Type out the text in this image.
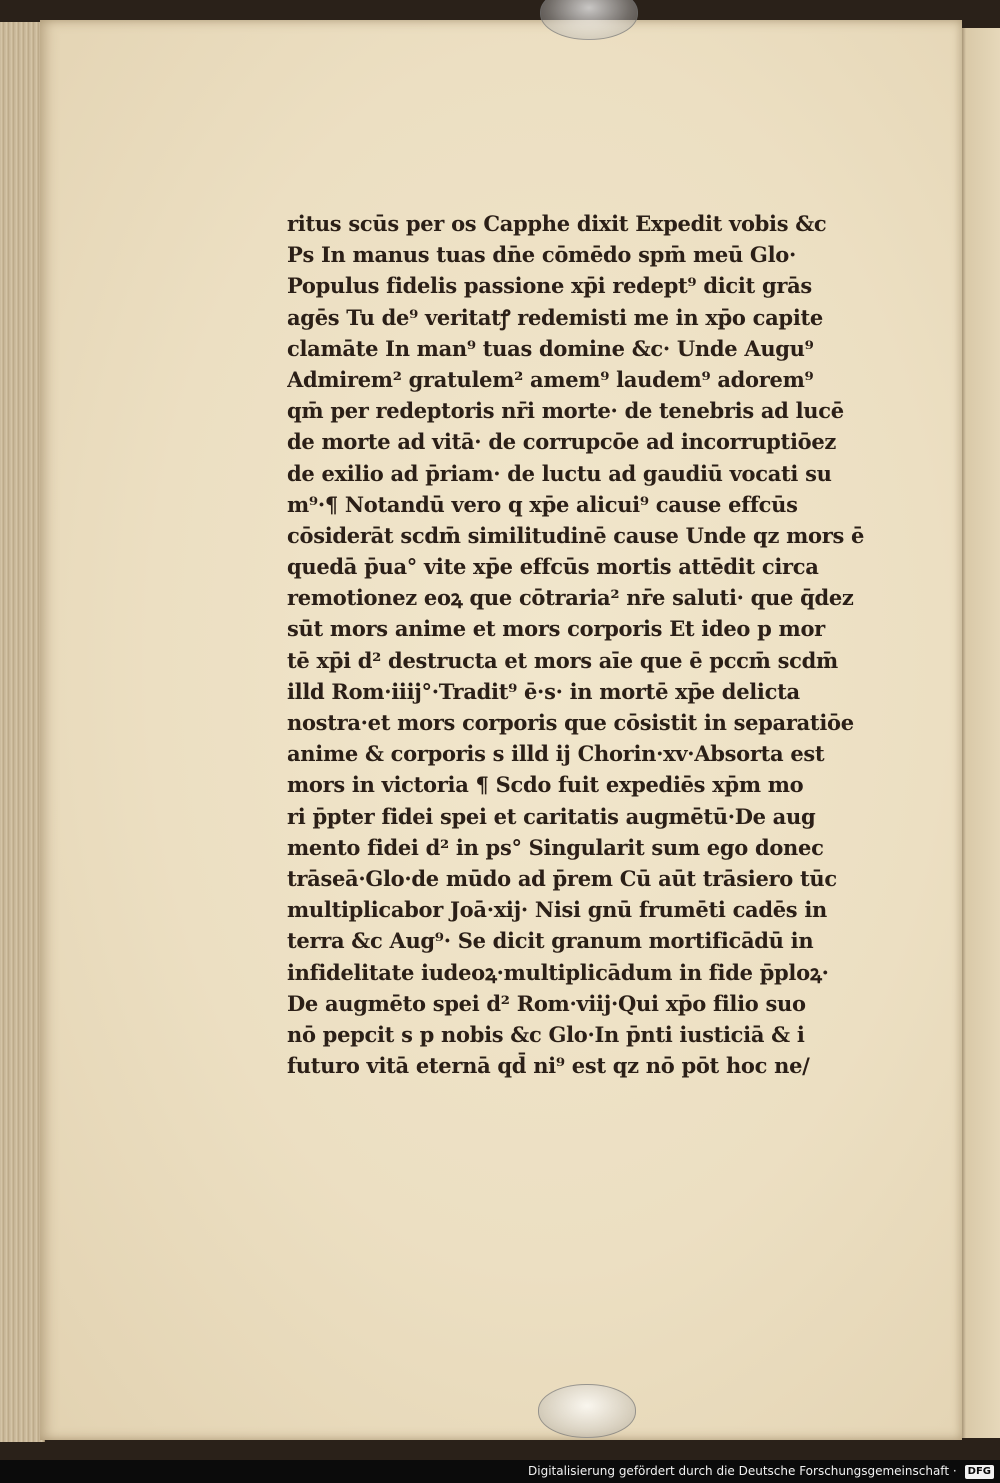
ritus scūs per os Capphe dixit Expedit vobis &c
Ps In manus tuas dn̄e cōmēdo spm̄ meū Glo·
Populus fidelis passione xp̄i redept⁹ dicit grās
agēs Tu de⁹ veritatꝭ redemisti me in xp̄o capite
clamāte In man⁹ tuas domine &c· Unde Augu⁹
Admirem² gratulem² amem⁹ laudem⁹ adorem⁹
qm̄ per redeptoris nr̄i morte· de tenebris ad lucē
de morte ad vitā· de corrupcōe ad incorruptiōez
de exilio ad p̄riam· de luctu ad gaudiū vocati su
m⁹·¶ Notandū vero q xp̄e alicui⁹ cause effcūs
cōsiderāt scdm̄ similitudinē cause Unde qz mors ē
quedā p̄ua° vite xp̄e effcūs mortis attēdit circa
remotionez eoꝝ que cōtraria² nr̄e saluti· que q̄dez
sūt mors anime et mors corporis Et ideo p mor
tē xp̄i d² destructa et mors aīe que ē pccm̄ scdm̄
illd Rom·iiij°·Tradit⁹ ē·s· in mortē xp̄e delicta
nostra·et mors corporis que cōsistit in separatiōe
anime & corporis s illd ij Chorin·xv·Absorta est
mors in victoria ¶ Scdo fuit expediēs xp̄m mo
ri p̄pter fidei spei et caritatis augmētū·De aug
mento fidei d² in ps° Singularit sum ego donec
trāseā·Glo·de mūdo ad p̄rem Cū aūt trāsiero tūc
multiplicabor Joā·xij· Nisi gnū frumēti cadēs in
terra &c Aug⁹· Se dicit granum mortificādū in
infidelitate iudeoꝝ·multiplicādum in fide p̄ploꝝ·
De augmēto spei d² Rom·viij·Qui xp̄o filio suo
nō pepcit s p nobis &c Glo·In p̄nti iusticiā & i
futuro vitā eternā qd̄ ni⁹ est qz nō pōt hoc ne/
Digitalisierung gefördert durch die Deutsche Forschungsgemeinschaft · DFG
